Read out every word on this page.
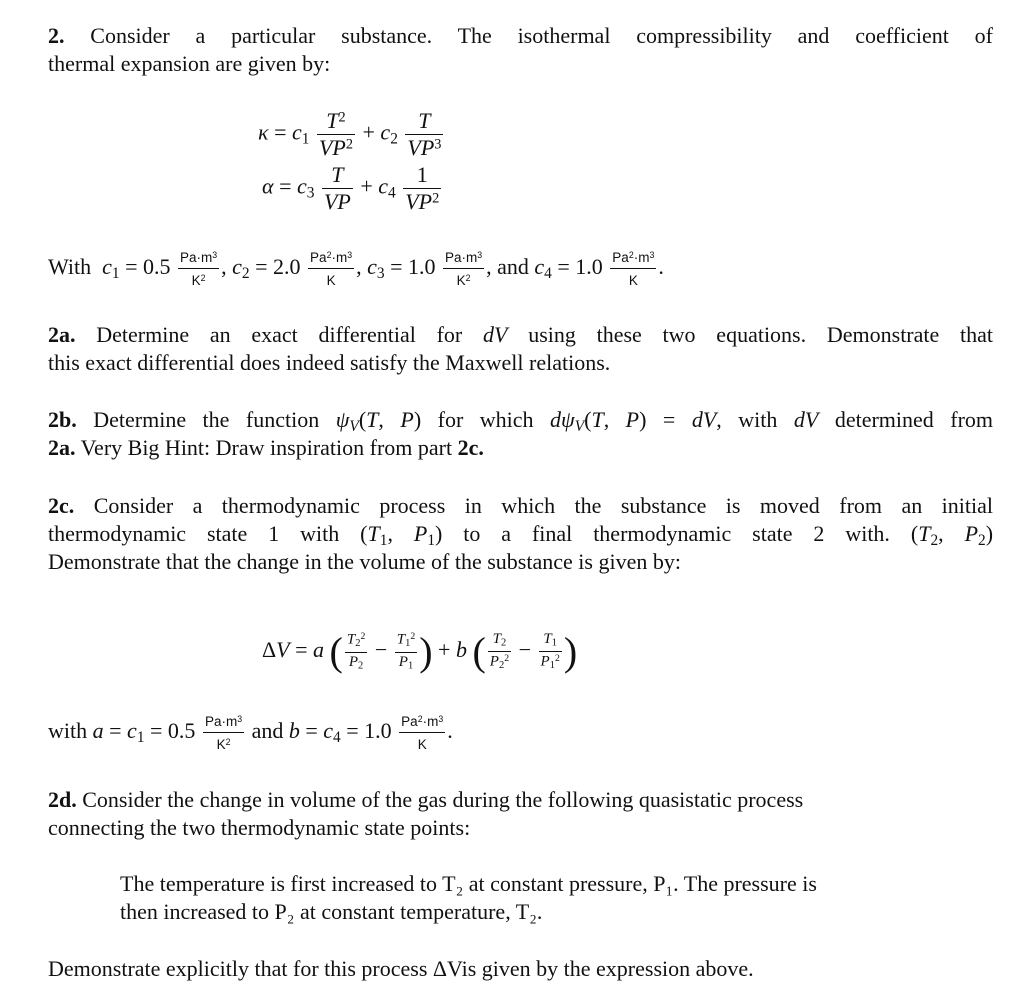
2. Consider a particular substance. The isothermal compressibility and coefficient of
thermal expansion are given by:
$\kappa = c_1 \frac{T^2}{VP^2} + c_2 \frac{T}{VP^3}$
$\alpha = c_3 \frac{T}{VP} + c_4 \frac{1}{VP^2}$
With $c_1 = 0.5 \frac{Pa\cdot m^3}{K^2}$ , $c_2 = 2.0 \frac{Pa^2\cdot m^3}{K}$ , $c_3 = 1.0 \frac{Pa\cdot m^3}{K^2}$ , and $c_4 = 1.0 \frac{Pa^2\cdot m^3}{K}$ .
2a. Determine an exact differential for dV using these two equations. Demonstrate that
this exact differential does indeed satisfy the Maxwell relations.
2b. Determine the function $\psi_V(T$, P) for which $d\psi_V(T$, P) = dV, with dV determined from
2a. Very Big Hint: Draw inspiration from part 2c.
2c. Consider a thermodynamic process in which the substance is moved from an initial
thermodynamic state 1 with ($T_1$, $P_1$) to a final thermodynamic state 2 with. ($T_2$, $P_2$)
Demonstrate that the change in the volume of the substance is given by:
ΔV = a ( $\frac{T_2^2}{P_2} - \frac{T_1^2}{P_1}$ ) + b ( $\frac{T_2}{P_2^2} - \frac{T_1}{P_1^2}$ )
with $a = c_1 = 0.5 \frac{Pa\cdot m^3}{K^2}$ and $b = c_4 = 1.0 \frac{Pa^2\cdot m^3}{K}$ .
2d. Consider the change in volume of the gas during the following quasistatic process
connecting the two thermodynamic state points:
The temperature is first increased to T₂ at constant pressure, P₁. The pressure is
then increased to P₂ at constant temperature, T₂.
Demonstrate explicitly that for this process ΔVis given by the expression above.
